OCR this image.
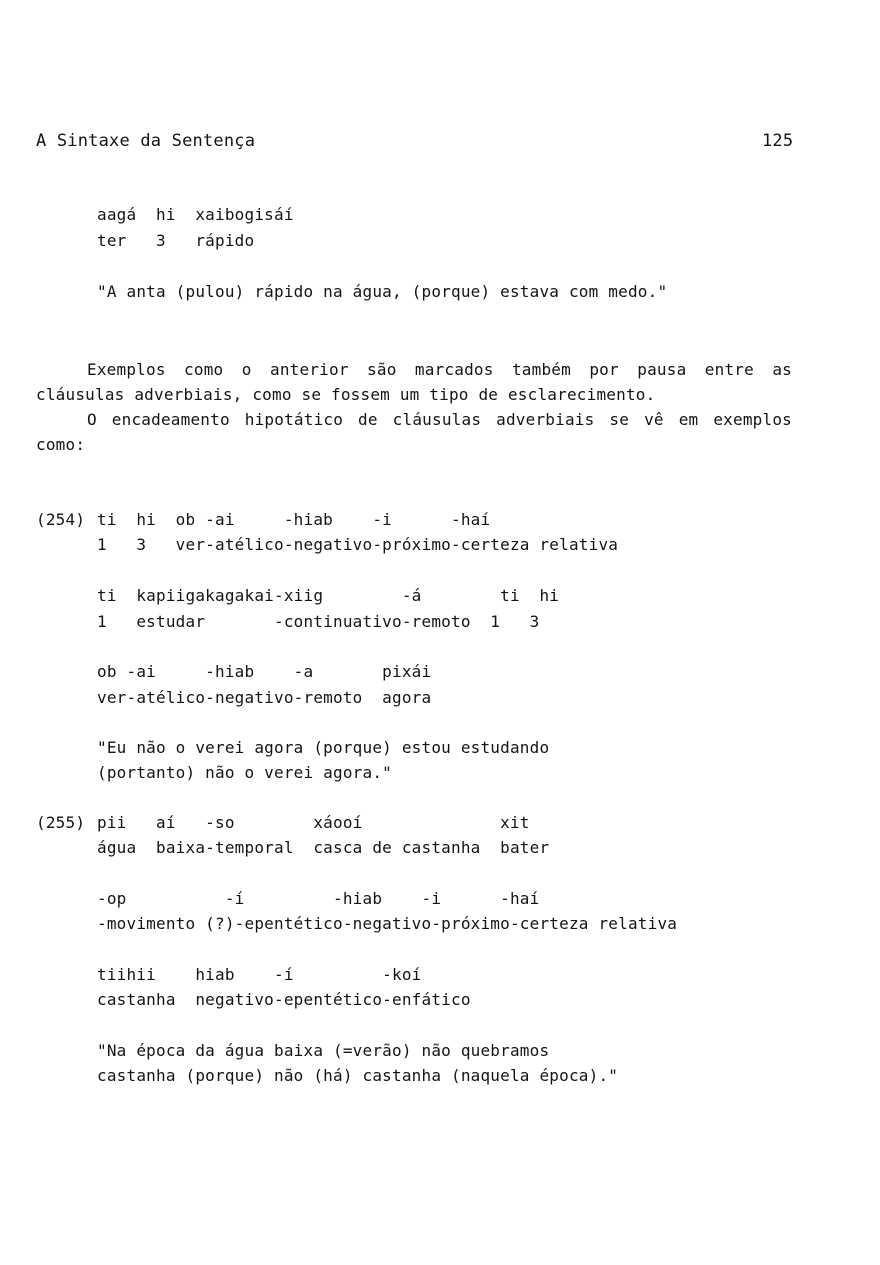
A Sintaxe da Sentença	125
aagá  hi  xaibogisáí
ter   3   rápido
"A anta (pulou) rápido na água, (porque) estava com medo."
Exemplos como o anterior são marcados também por pausa entre as
cláusulas adverbiais, como se fossem um tipo de esclarecimento.
O encadeamento hipotático de cláusulas adverbiais se vê em exemplos
como:
(254) ti  hi  ob -ai     -hiab    -i      -haí
1   3   ver-atélico-negativo-próximo-certeza relativa
ti  kapiigakagakai-xiig        -á        ti  hi
1   estudar       -continuativo-remoto  1   3
ob -ai     -hiab    -a       pixái
ver-atélico-negativo-remoto  agora
"Eu não o verei agora (porque) estou estudando
(portanto) não o verei agora."
(255) pii   aí   -so        xáooí              xit
água  baixa-temporal  casca de castanha  bater
-op          -í         -hiab    -i      -haí
-movimento (?)-epentético-negativo-próximo-certeza relativa
tiihii    hiab    -í         -koí
castanha  negativo-epentético-enfático
"Na época da água baixa (=verão) não quebramos
castanha (porque) não (há) castanha (naquela época)."
